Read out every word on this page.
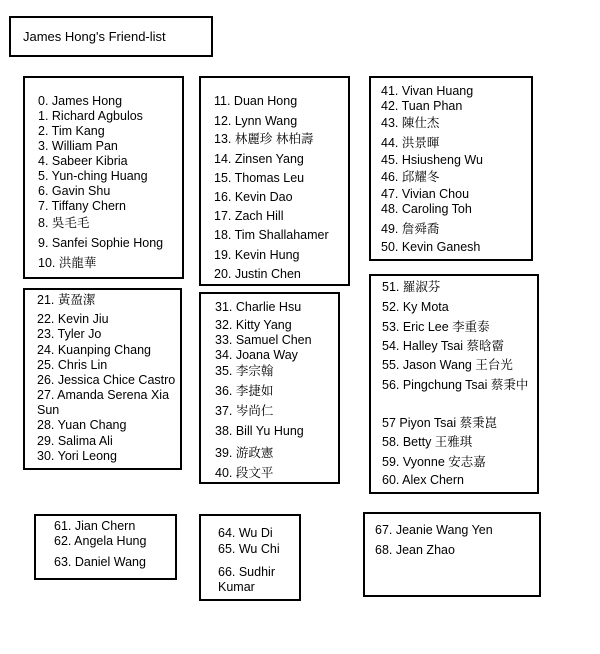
James Hong's Friend-list
0. James Hong
1. Richard Agbulos
2. Tim Kang
3. William Pan
4. Sabeer Kibria
5. Yun-ching Huang
6. Gavin Shu
7. Tiffany Chern
8. 吳毛毛
9. Sanfei Sophie Hong
10. 洪龍華
11. Duan Hong
12. Lynn Wang
13. 林麗珍 林柏壽
14. Zinsen Yang
15. Thomas Leu
16. Kevin Dao
17. Zach Hill
18. Tim Shallahamer
19. Kevin Hung
20. Justin Chen
41. Vivan Huang
42. Tuan Phan
43. 陳仕杰
44. 洪景暉
45. Hsiusheng Wu
46. 邱耀冬
47. Vivian Chou
48. Caroling Toh
49. 詹舜喬
50. Kevin Ganesh
21. 黃盈潔
22. Kevin Jiu
23. Tyler Jo
24. Kuanping Chang
25. Chris Lin
26. Jessica Chice Castro
27. Amanda Serena Xia Sun
28. Yuan Chang
29. Salima Ali
30. Yori Leong
31. Charlie Hsu
32. Kitty Yang
33. Samuel Chen
34. Joana Way
35. 李宗翰
36. 李捷如
37. 岑尚仁
38. Bill Yu Hung
39. 游政憲
40. 段文平
51. 羅淑芬
52. Ky Mota
53. Eric Lee 李重泰
54. Halley Tsai 蔡晗霤
55. Jason Wang 王台光
56. Pingchung Tsai 蔡秉中
57 Piyon Tsai 蔡秉崑
58. Betty 王雅琪
59. Vyonne 安志嘉
60. Alex Chern
61. Jian Chern
62. Angela Hung
63. Daniel Wang
64. Wu Di
65. Wu Chi
66. Sudhir Kumar
67. Jeanie Wang Yen
68. Jean Zhao
